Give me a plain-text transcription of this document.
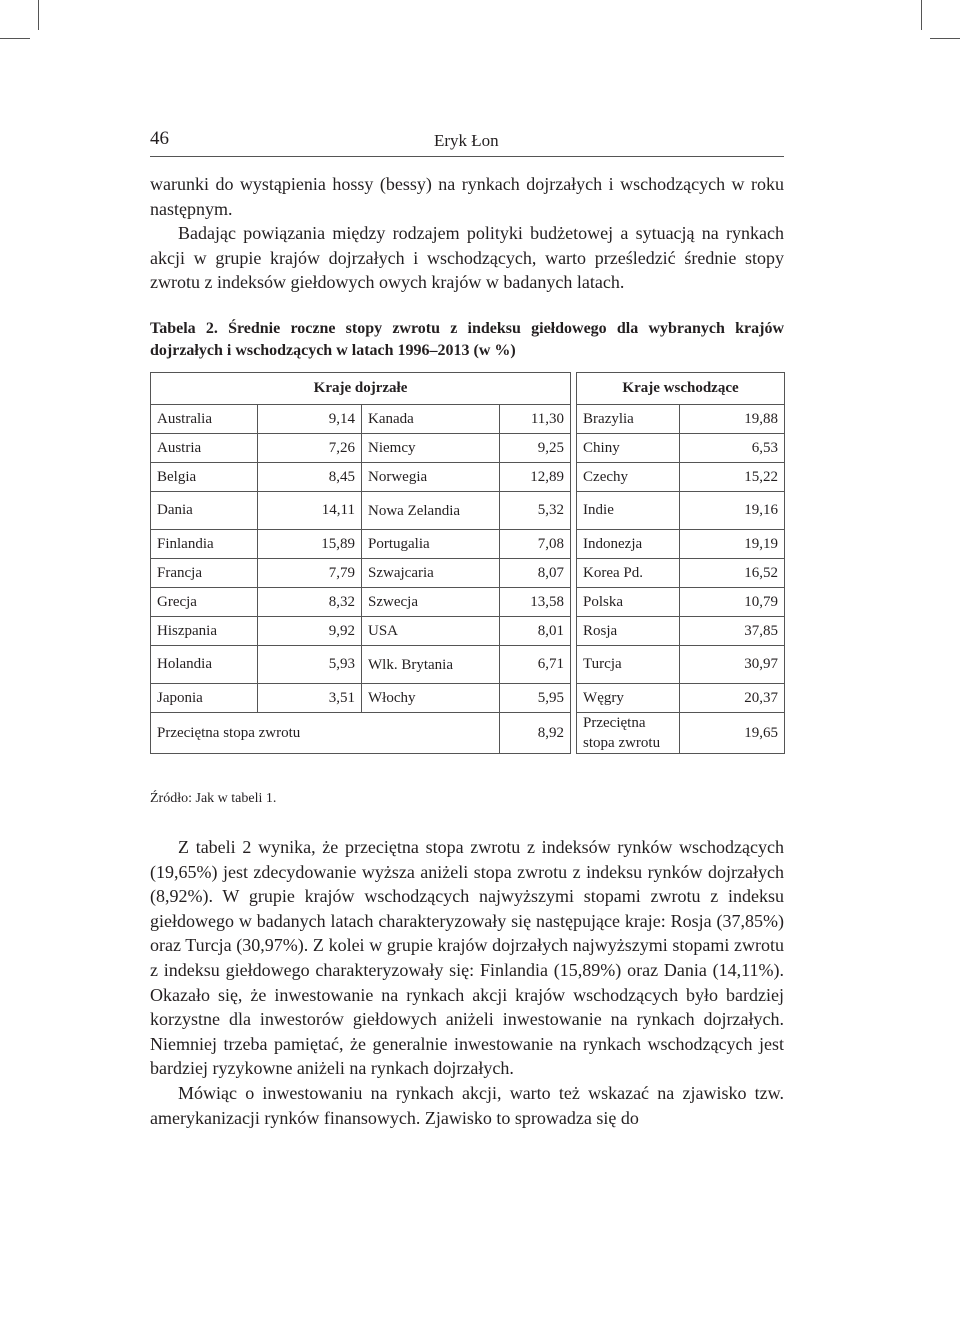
46	Eryk Łon

warunki do wystąpienia hossy (bessy) na rynkach dojrzałych i wschodzących w roku następnym.

Badając powiązania między rodzajem polityki budżetowej a sytuacją na rynkach akcji w grupie krajów dojrzałych i wschodzących, warto prześledzić średnie stopy zwrotu z indeksów giełdowych owych krajów w badanych latach.

Tabela 2. Średnie roczne stopy zwrotu z indeksu giełdowego dla wybranych krajów dojrzałych i wschodzących w latach 1996–2013 (w %)

Kraje dojrzałe					Kraje wschodzące	
Australia	9,14	Kanada	11,30		Brazylia	19,88
Austria	7,26	Niemcy	9,25		Chiny	6,53
Belgia	8,45	Norwegia	12,89		Czechy	15,22
Dania	14,11	Nowa Zelandia	5,32		Indie	19,16
Finlandia	15,89	Portugalia	7,08		Indonezja	19,19
Francja	7,79	Szwajcaria	8,07		Korea Pd.	16,52
Grecja	8,32	Szwecja	13,58		Polska	10,79
Hiszpania	9,92	USA	8,01		Rosja	37,85
Holandia	5,93	Wlk. Brytania	6,71		Turcja	30,97
Japonia	3,51	Włochy	5,95		Węgry	20,37
Przeciętna stopa zwrotu			8,92		Przeciętna stopa zwrotu	19,65
Źródło: Jak w tabeli 1.

Z tabeli 2 wynika, że przeciętna stopa zwrotu z indeksów rynków wschodzących (19,65%) jest zdecydowanie wyższa aniżeli stopa zwrotu z indeksu rynków dojrzałych (8,92%). W grupie krajów wschodzących najwyższymi stopami zwrotu z indeksu giełdowego w badanych latach charakteryzowały się następujące kraje: Rosja (37,85%) oraz Turcja (30,97%). Z kolei w grupie krajów dojrzałych najwyższymi stopami zwrotu z indeksu giełdowego charakteryzowały się: Finlandia (15,89%) oraz Dania (14,11%). Okazało się, że inwestowanie na rynkach akcji krajów wschodzących było bardziej korzystne dla inwestorów giełdowych aniżeli inwestowanie na rynkach dojrzałych. Niemniej trzeba pamiętać, że generalnie inwestowanie na rynkach wschodzących jest bardziej ryzykowne aniżeli na rynkach dojrzałych.

Mówiąc o inwestowaniu na rynkach akcji, warto też wskazać na zjawisko tzw. amerykanizacji rynków finansowych. Zjawisko to sprowadza się do
